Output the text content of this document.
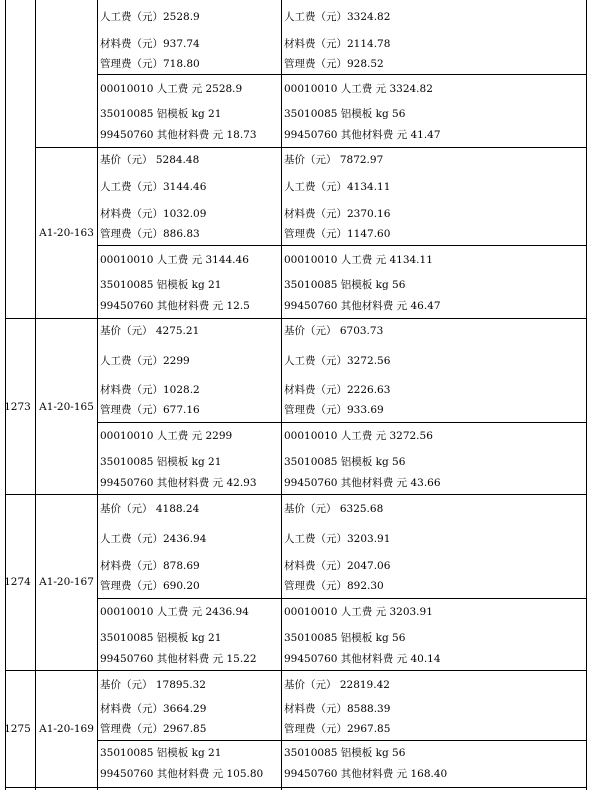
人工费（元）2528.9
材料费（元）937.74
管理费（元）718.80
人工费（元）3324.82
材料费（元）2114.78
管理费（元）928.52
00010010 人工费 元 2528.9
35010085 铝模板 kg 21
99450760 其他材料费 元 18.73
00010010 人工费 元 3324.82
35010085 铝模板 kg 56
99450760 其他材料费 元 41.47
A1-20-163
基价（元） 5284.48
人工费（元）3144.46
材料费（元）1032.09
管理费（元）886.83
基价（元） 7872.97
人工费（元）4134.11
材料费（元）2370.16
管理费（元）1147.60
00010010 人工费 元 3144.46
35010085 铝模板 kg 21
99450760 其他材料费 元 12.5
00010010 人工费 元 4134.11
35010085 铝模板 kg 56
99450760 其他材料费 元 46.47
1273 A1-20-165
基价（元） 4275.21
人工费（元）2299
材料费（元）1028.2
管理费（元）677.16
基价（元） 6703.73
人工费（元）3272.56
材料费（元）2226.63
管理费（元）933.69
00010010 人工费 元 2299
35010085 铝模板 kg 21
99450760 其他材料费 元 42.93
00010010 人工费 元 3272.56
35010085 铝模板 kg 56
99450760 其他材料费 元 43.66
1274 A1-20-167
基价（元） 4188.24
人工费（元）2436.94
材料费（元）878.69
管理费（元）690.20
基价（元） 6325.68
人工费（元）3203.91
材料费（元）2047.06
管理费（元）892.30
00010010 人工费 元 2436.94
35010085 铝模板 kg 21
99450760 其他材料费 元 15.22
00010010 人工费 元 3203.91
35010085 铝模板 kg 56
99450760 其他材料费 元 40.14
1275 A1-20-169
基价（元） 17895.32
材料费（元）3664.29
管理费（元）2967.85
基价（元） 22819.42
材料费（元）8588.39
管理费（元）2967.85
35010085 铝模板 kg 21
99450760 其他材料费 元 105.80
35010085 铝模板 kg 56
99450760 其他材料费 元 168.40
